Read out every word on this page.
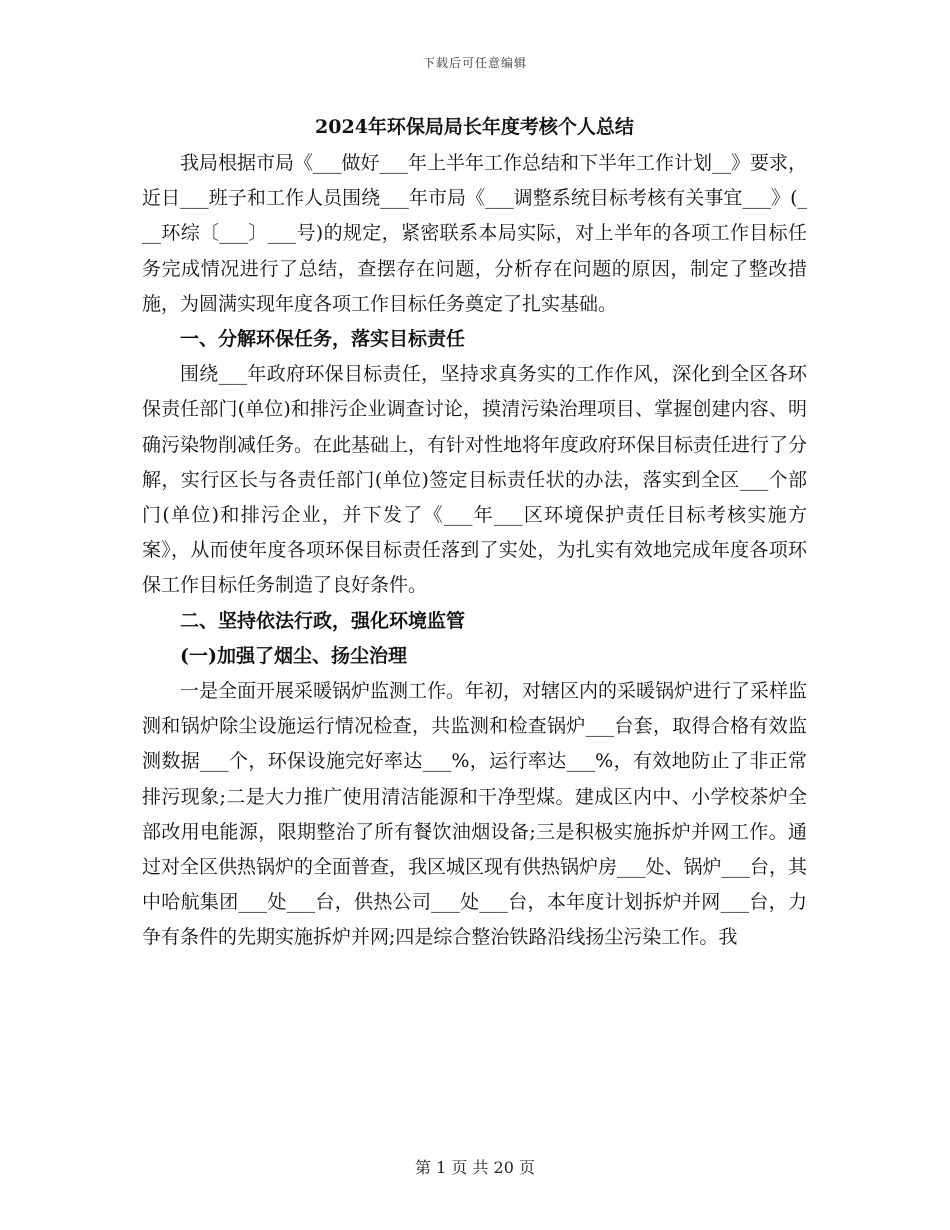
下载后可任意编辑
2024年环保局局长年度考核个人总结

我局根据市局《___做好___年上半年工作总结和下半年工作计划__》要求，近日___班子和工作人员围绕___年市局《___调整系统目标考核有关事宜___》(___环综〔___〕___号)的规定，紧密联系本局实际，对上半年的各项工作目标任务完成情况进行了总结，查摆存在问题，分析存在问题的原因，制定了整改措施，为圆满实现年度各项工作目标任务奠定了扎实基础。

一、分解环保任务，落实目标责任

围绕___年政府环保目标责任，坚持求真务实的工作作风，深化到全区各环保责任部门(单位)和排污企业调查讨论，摸清污染治理项目、掌握创建内容、明确污染物削减任务。在此基础上，有针对性地将年度政府环保目标责任进行了分解，实行区长与各责任部门(单位)签定目标责任状的办法，落实到全区___个部门(单位)和排污企业，并下发了《___年___区环境保护责任目标考核实施方案》，从而使年度各项环保目标责任落到了实处，为扎实有效地完成年度各项环保工作目标任务制造了良好条件。

二、坚持依法行政，强化环境监管

(一)加强了烟尘、扬尘治理

一是全面开展采暖锅炉监测工作。年初，对辖区内的采暖锅炉进行了采样监测和锅炉除尘设施运行情况检查，共监测和检查锅炉___台套，取得合格有效监测数据___个，环保设施完好率达___%，运行率达___%，有效地防止了非正常排污现象;二是大力推广使用清洁能源和干净型煤。建成区内中、小学校茶炉全部改用电能源，限期整治了所有餐饮油烟设备;三是积极实施拆炉并网工作。通过对全区供热锅炉的全面普查，我区城区现有供热锅炉房___处、锅炉___台，其中哈航集团___处___台，供热公司___处___台，本年度计划拆炉并网___台，力争有条件的先期实施拆炉并网;四是综合整治铁路沿线扬尘污染工作。我

第 1 页 共 20 页
